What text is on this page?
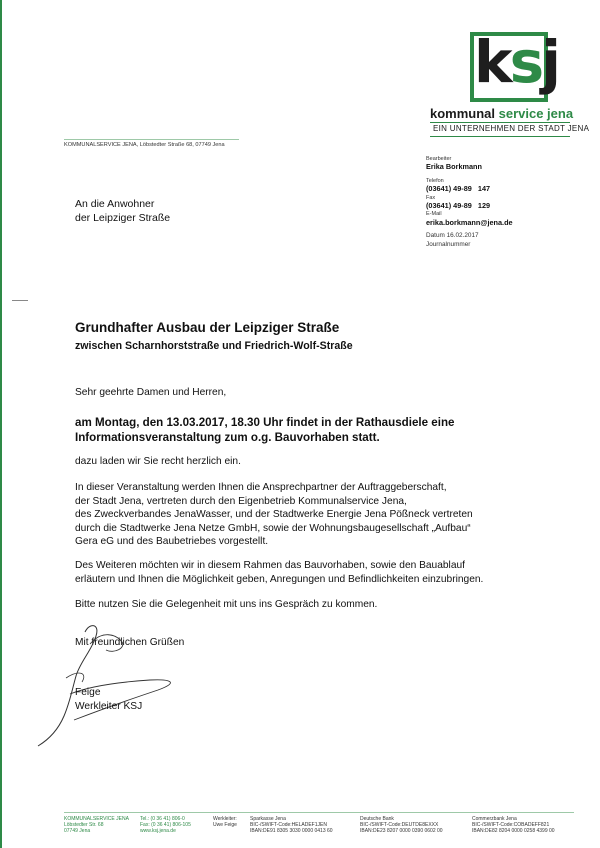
ksj
kommunal service jena
EIN UNTERNEHMEN DER STADT JENA
KOMMUNALSERVICE JENA, Löbstedter Straße 68, 07749 Jena
An die Anwohner
der Leipziger Straße
Bearbeiter
Erika Borkmann
Telefon
(03641) 49-89   147
Fax
(03641) 49-89   129
E-Mail
erika.borkmann@jena.de
Datum 16.02.2017
Journalnummer
Grundhafter Ausbau der Leipziger Straße
zwischen Scharnhorststraße und Friedrich-Wolf-Straße
Sehr geehrte Damen und Herren,
am Montag, den 13.03.2017, 18.30 Uhr findet in der Rathausdiele eine
Informationsveranstaltung zum o.g. Bauvorhaben statt.
dazu laden wir Sie recht herzlich ein.
In dieser Veranstaltung werden Ihnen die Ansprechpartner der Auftraggeberschaft,
der Stadt Jena, vertreten durch den Eigenbetrieb Kommunalservice Jena,
des Zweckverbandes JenaWasser, und der Stadtwerke Energie Jena Pößneck vertreten
durch die Stadtwerke Jena Netze GmbH, sowie der Wohnungsbaugesellschaft „Aufbau“
Gera eG und des Baubetriebes vorgestellt.
Des Weiteren möchten wir in diesem Rahmen das Bauvorhaben, sowie den Bauablauf
erläutern und Ihnen die Möglichkeit geben, Anregungen und Befindlichkeiten einzubringen.
Bitte nutzen Sie die Gelegenheit mit uns ins Gespräch zu kommen.
Mit freundlichen Grüßen
Feige
Werkleiter KSJ
KOMMUNALSERVICE JENA
Löbstedter Str. 68
07749 Jena
Tel.: (0 36 41) 806-0
Fax: (0 36 41) 806-105
www.ksj.jena.de
Werkleiter:
Uwe Feige
Sparkasse Jena
BIC-/SWIFT-Code:HELADEF1JEN
IBAN:DE91 8305 3030 0000 0413 60
Deutsche Bank
BIC-/SWIFT-Code:DEUTDE8EXXX
IBAN:DE23 8207 0000 0390 0602 00
Commerzbank Jena
BIC-/SWIFT-Code:COBADEFF821
IBAN:DE82 8204 0000 0258 4399 00
